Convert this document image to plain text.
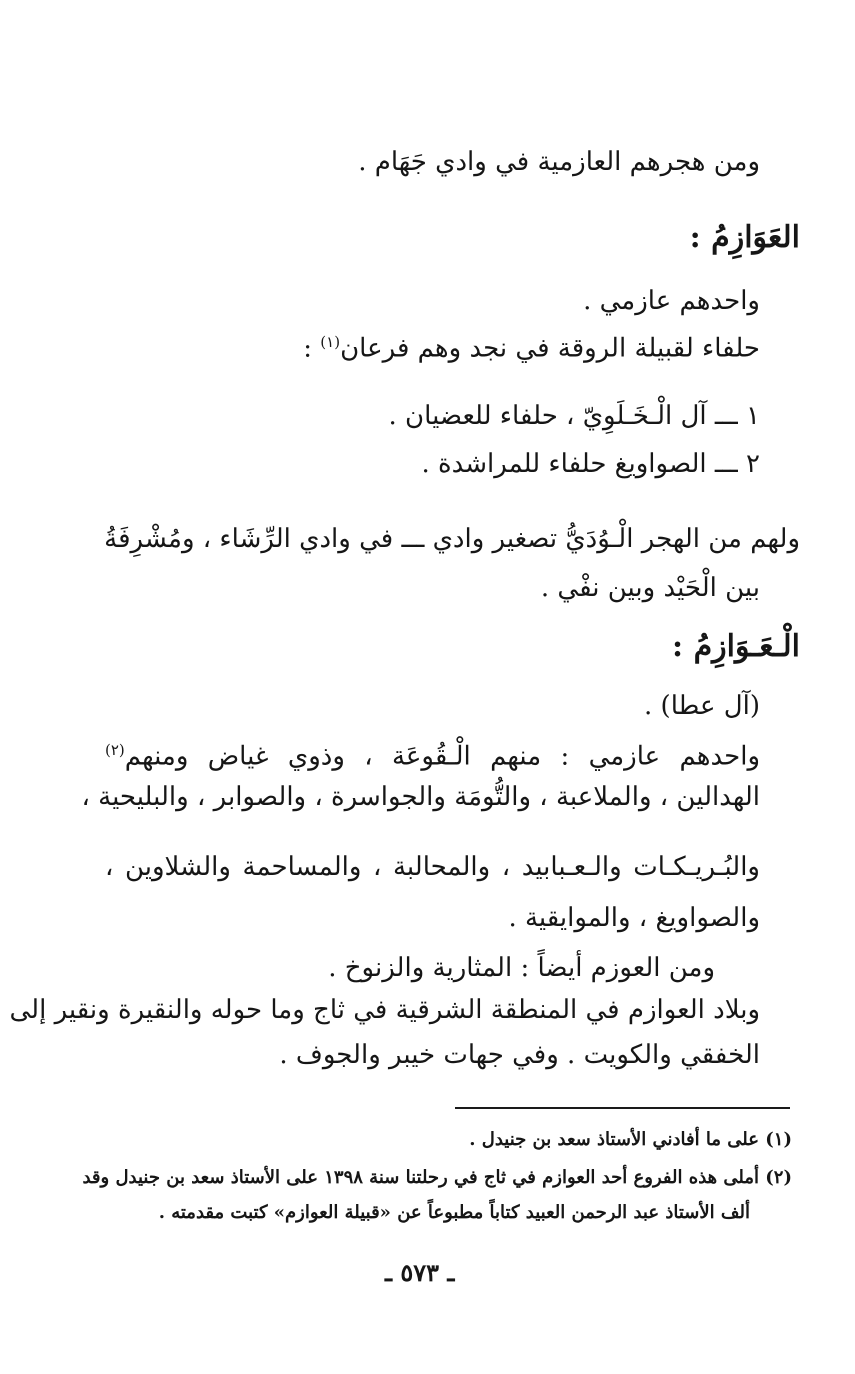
ومن هجرهم العازمية في وادي جَهَام .
العَوَازِمُ :
واحدهم عازمي .
حلفاء لقبيلة الروقة في نجد وهم فرعان$^{(١)}$ :
١ ـــ آل الْـخَـلَوِيّ ، حلفاء للعضيان .
٢ ـــ الصواويغ حلفاء للمراشدة .
ولهم من الهجر الْـوُدَيُّ تصغير وادي ـــ في وادي الرِّشَاء ، ومُشْرِفَةُ
بين الْحَيْد وبين نفْي .
الْـعَـوَازِمُ :
(آل عطا) .
واحدهم عازمي : منهم الْـقُوعَة ، وذوي غياض ومنهم$^{(٢)}$
الهدالين ، والملاعبة ، والتُّومَة والجواسرة ، والصوابر ، والبليحية ،
والبُـريـكـات والـعـبابيد ، والمحالبة ، والمساحمة والشلاوين ،
والصواويغ ، والموايقية .
ومن العوزم أيضاً : المثارية والزنوخ .
وبلاد العوازم في المنطقة الشرقية في ثاج وما حوله والنقيرة ونقير إلى
الخفقي والكويت . وفي جهات خيبر والجوف .
(١) على ما أفادني الأستاذ سعد بن جنيدل .
(٢) أملى هذه الفروع أحد العوازم في ثاج في رحلتنا سنة ١٣٩٨ على الأستاذ سعد بن جنيدل وقد
ألف الأستاذ عبد الرحمن العبيد كتاباً مطبوعاً عن «قبيلة العوازم» كتبت مقدمته .
ـ ٥٧٣ ـ
